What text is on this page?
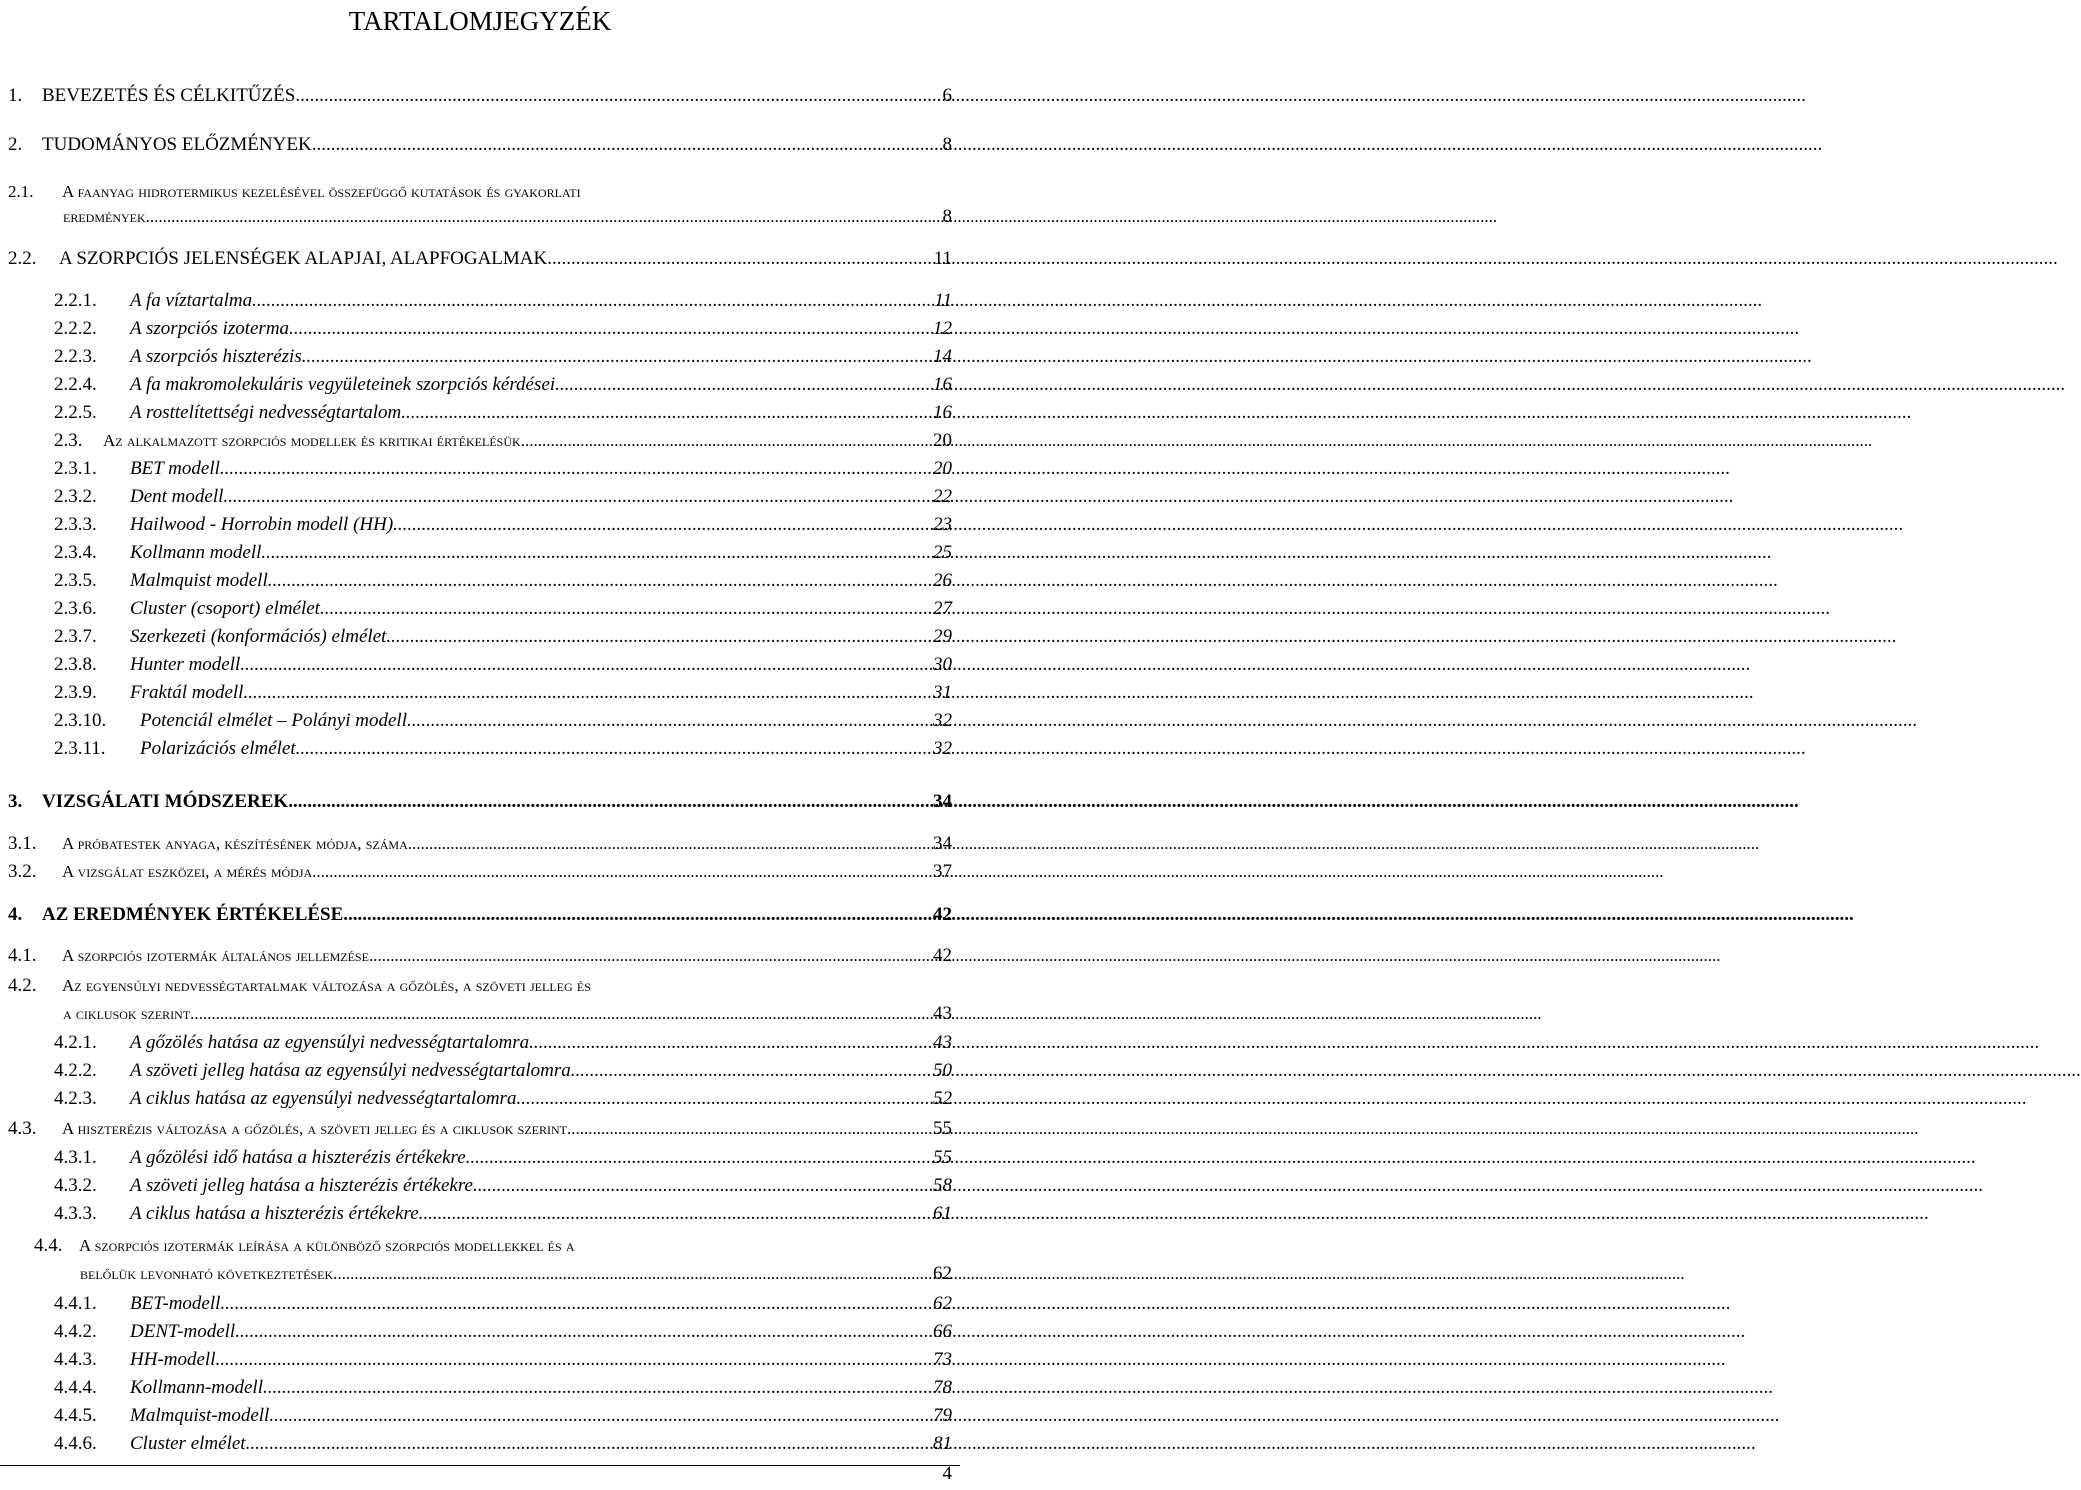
TARTALOMJEGYZÉK
1.	BEVEZETÉS ÉS CÉLKITŰZÉS .....	6
2.	TUDOMÁNYOS ELŐZMÉNYEK .....	8
2.1. A faanyag hidrotermikus kezelésével összefüggő kutatások és gyakorlati
eredmények .....	8
2.2.	A SZORPCIÓS JELENSÉGEK ALAPJAI, ALAPFOGALMAK .....	11
2.2.1.	A fa víztartalma .....	11
2.2.2.	A szorpciós izoterma .....	12
2.2.3.	A szorpciós hiszterézis .....	14
2.2.4.	A fa makromolekuláris vegyületeinek szorpciós kérdései .....	16
2.2.5.	A rosttelítettségi nedvességtartalom .....	16
2.3.	Az alkalmazott szorpciós modellek és kritikai értékelésük .....	20
2.3.1.	BET modell .....	20
2.3.2.	Dent modell .....	22
2.3.3.	Hailwood - Horrobin modell (HH) .....	23
2.3.4.	Kollmann modell .....	25
2.3.5.	Malmquist modell .....	26
2.3.6.	Cluster (csoport) elmélet .....	27
2.3.7.	Szerkezeti (konformációs) elmélet .....	29
2.3.8.	Hunter modell .....	30
2.3.9.	Fraktál modell .....	31
2.3.10.	Potenciál elmélet – Polányi modell .....	32
2.3.11.	Polarizációs elmélet .....	32
3.	VIZSGÁLATI MÓDSZEREK .....	34
3.1.	A próbatestek anyaga, készítésének módja, száma .....	34
3.2.	A vizsgálat eszközei, a mérés módja .....	37
4.	AZ EREDMÉNYEK ÉRTÉKELÉSE .....	42
4.1.	A szorpciós izotermák általános jellemzése .....	42
4.2. Az egyensúlyi nedvességtartalmak változása a gőzölés, a szöveti jelleg és
a ciklusok szerint .....	43
4.2.1.	A gőzölés hatása az egyensúlyi nedvességtartalomra .....	43
4.2.2.	A szöveti jelleg hatása az egyensúlyi nedvességtartalomra .....	50
4.2.3.	A ciklus hatása az egyensúlyi nedvességtartalomra .....	52
4.3.	A hiszterézis változása a gőzölés, a szöveti jelleg és a ciklusok szerint .....	55
4.3.1.	A gőzölési idő hatása a hiszterézis értékekre .....	55
4.3.2.	A szöveti jelleg hatása a hiszterézis értékekre .....	58
4.3.3.	A ciklus hatása a hiszterézis értékekre .....	61
4.4. A szorpciós izotermák leírása a különböző szorpciós modellekkel és a
belőlük levonható következtetések .....	62
4.4.1.	BET-modell .....	62
4.4.2.	DENT-modell .....	66
4.4.3.	HH-modell .....	73
4.4.4.	Kollmann-modell .....	78
4.4.5.	Malmquist-modell .....	79
4.4.6.	Cluster elmélet .....	81
4
